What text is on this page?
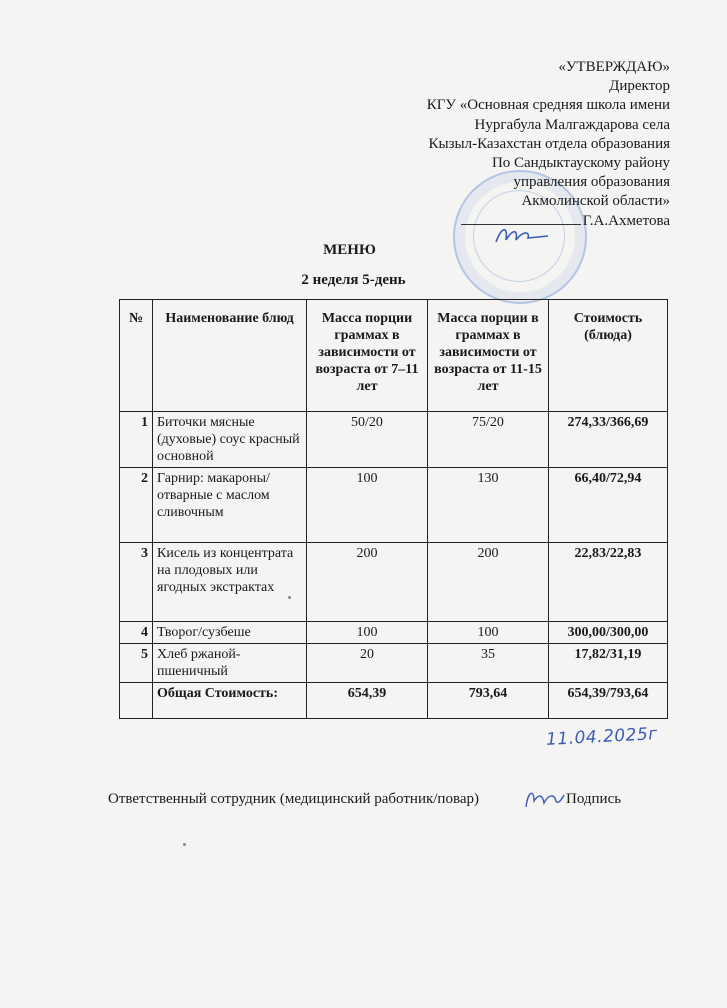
«УТВЕРЖДАЮ»
Директор
КГУ «Основная средняя школа имени
Нургабула Малгаждарова села
Кызыл-Казахстан отдела образования
По Сандыктаускому району
управления образования
Акмолинской области»
Г.А.Ахметова
МЕНЮ
2 неделя 5-день
№	Наименование блюд	Масса порции граммах в зависимости от возраста от 7–11 лет	Масса порции в граммах в зависимости от возраста от 11-15 лет	Стоимость (блюда)
1	Биточки мясные (духовые) соус красный основной	50/20	75/20	274,33/366,69
2	Гарнир: макароны/отварные с маслом сливочным	100	130	66,40/72,94
3	Кисель из концентрата на плодовых или ягодных экстрактах	200	200	22,83/22,83
4	Творог/сузбеше	100	100	300,00/300,00
5	Хлеб ржаной-пшеничный	20	35	17,82/31,19
	Общая Стоимость:	654,39	793,64	654,39/793,64
11.04.2025г
Ответственный сотрудник (медицинский работник/повар)	Подпись
